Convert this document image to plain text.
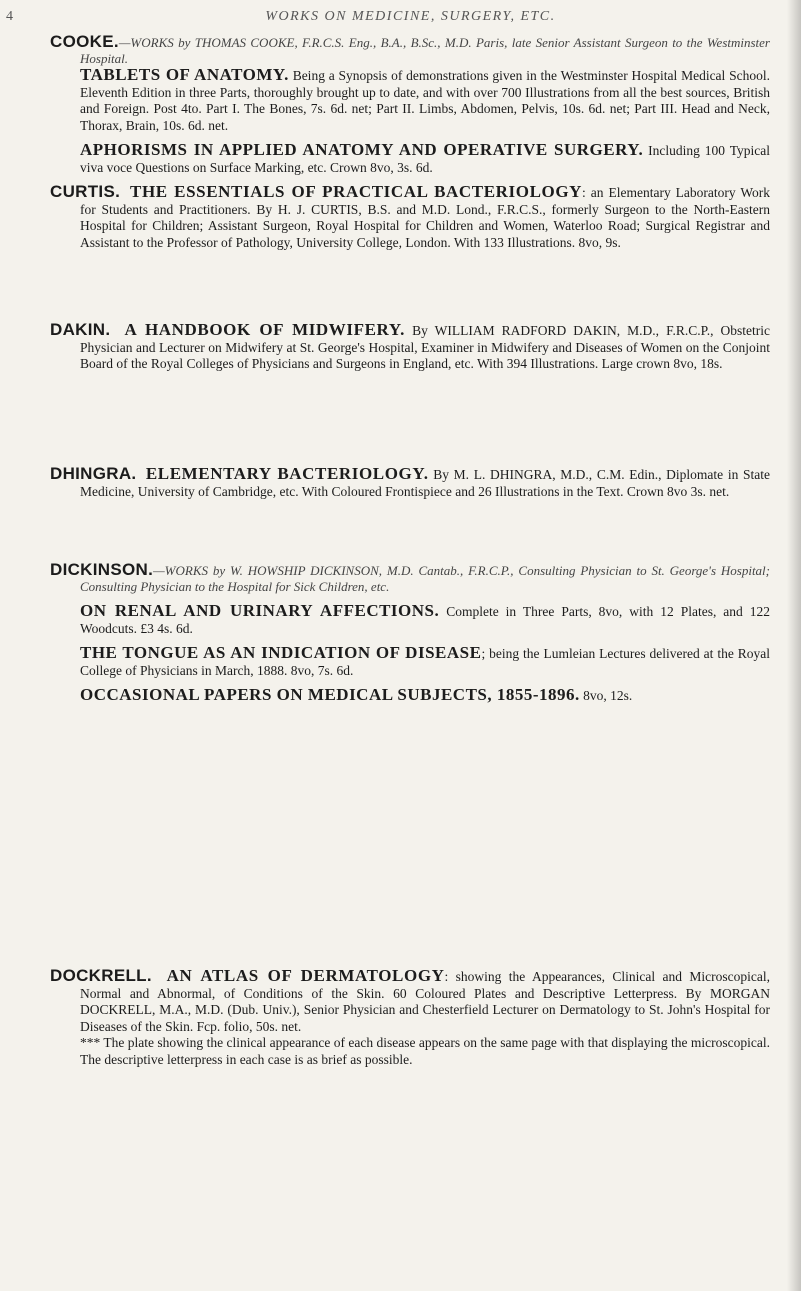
4	WORKS ON MEDICINE, SURGERY, ETC.
COOKE.—WORKS by THOMAS COOKE, F.R.C.S. Eng., B.A., B.Sc., M.D. Paris, late Senior Assistant Surgeon to the Westminster Hospital.
TABLETS OF ANATOMY. Being a Synopsis of demonstrations given in the Westminster Hospital Medical School. Eleventh Edition in three Parts, thoroughly brought up to date, and with over 700 Illustrations from all the best sources, British and Foreign. Post 4to. Part I. The Bones, 7s. 6d. net; Part II. Limbs, Abdomen, Pelvis, 10s. 6d. net; Part III. Head and Neck, Thorax, Brain, 10s. 6d. net.
APHORISMS IN APPLIED ANATOMY AND OPERATIVE SURGERY. Including 100 Typical viva voce Questions on Surface Marking, etc. Crown 8vo, 3s. 6d.
CURTIS. THE ESSENTIALS OF PRACTICAL BACTERIOLOGY: an Elementary Laboratory Work for Students and Practitioners. By H. J. CURTIS, B.S. and M.D. Lond., F.R.C.S., formerly Surgeon to the North-Eastern Hospital for Children; Assistant Surgeon, Royal Hospital for Children and Women, Waterloo Road; Surgical Registrar and Assistant to the Professor of Pathology, University College, London. With 133 Illustrations. 8vo, 9s.
DAKIN. A HANDBOOK OF MIDWIFERY. By WILLIAM RADFORD DAKIN, M.D., F.R.C.P., Obstetric Physician and Lecturer on Midwifery at St. George's Hospital, Examiner in Midwifery and Diseases of Women on the Conjoint Board of the Royal Colleges of Physicians and Surgeons in England, etc. With 394 Illustrations. Large crown 8vo, 18s.
DHINGRA. ELEMENTARY BACTERIOLOGY. By M. L. DHINGRA, M.D., C.M. Edin., Diplomate in State Medicine, University of Cambridge, etc. With Coloured Frontispiece and 26 Illustrations in the Text. Crown 8vo 3s. net.
DICKINSON.—WORKS by W. HOWSHIP DICKINSON, M.D. Cantab., F.R.C.P., Consulting Physician to St. George's Hospital; Consulting Physician to the Hospital for Sick Children, etc.
ON RENAL AND URINARY AFFECTIONS. Complete in Three Parts, 8vo, with 12 Plates, and 122 Woodcuts. £3 4s. 6d.
THE TONGUE AS AN INDICATION OF DISEASE; being the Lumleian Lectures delivered at the Royal College of Physicians in March, 1888. 8vo, 7s. 6d.
OCCASIONAL PAPERS ON MEDICAL SUBJECTS, 1855-1896. 8vo, 12s.
DOCKRELL. AN ATLAS OF DERMATOLOGY: showing the Appearances, Clinical and Microscopical, Normal and Abnormal, of Conditions of the Skin. 60 Coloured Plates and Descriptive Letterpress. By MORGAN DOCKRELL, M.A., M.D. (Dub. Univ.), Senior Physician and Chesterfield Lecturer on Dermatology to St. John's Hospital for Diseases of the Skin. Fcp. folio, 50s. net.
*** The plate showing the clinical appearance of each disease appears on the same page with that displaying the microscopical. The descriptive letterpress in each case is as brief as possible.
